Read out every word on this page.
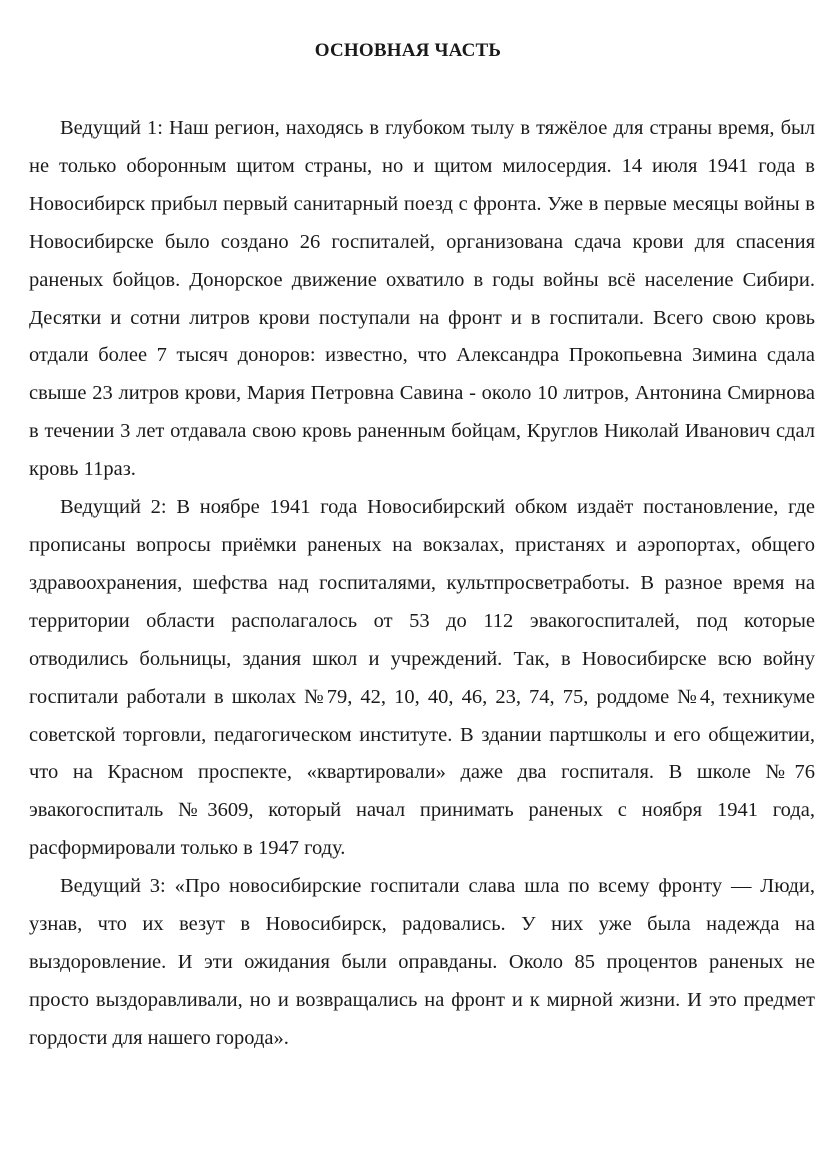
ОСНОВНАЯ ЧАСТЬ

Ведущий 1: Наш регион, находясь в глубоком тылу в тяжёлое для страны время, был не только оборонным щитом страны, но и щитом милосердия. 14 июля 1941 года в Новосибирск прибыл первый санитарный поезд с фронта. Уже в первые месяцы войны в Новосибирске было создано 26 госпиталей, организована сдача крови для спасения раненых бойцов. Донорское движение охватило в годы войны всё население Сибири. Десятки и сотни литров крови поступали на фронт и в госпитали. Всего свою кровь отдали более 7 тысяч доноров: известно, что Александра Прокопьевна Зимина сдала свыше 23 литров крови, Мария Петровна Савина - около 10 литров, Антонина Смирнова в течении 3 лет отдавала свою кровь раненным бойцам, Круглов Николай Иванович сдал кровь 11раз.

Ведущий 2: В ноябре 1941 года Новосибирский обком издаёт постановление, где прописаны вопросы приёмки раненых на вокзалах, пристанях и аэропортах, общего здравоохранения, шефства над госпиталями, культпросветработы. В разное время на территории области располагалось от 53 до 112 эвакогоспиталей, под которые отводились больницы, здания школ и учреждений. Так, в Новосибирске всю войну госпитали работали в школах №79, 42, 10, 40, 46, 23, 74, 75, роддоме №4, техникуме советской торговли, педагогическом институте. В здании партшколы и его общежитии, что на Красном проспекте, «квартировали» даже два госпиталя. В школе №76 эвакогоспиталь №3609, который начал принимать раненых с ноября 1941 года, расформировали только в 1947 году.

Ведущий 3: «Про новосибирские госпитали слава шла по всему фронту — Люди, узнав, что их везут в Новосибирск, радовались. У них уже была надежда на выздоровление. И эти ожидания были оправданы. Около 85 процентов раненых не просто выздоравливали, но и возвращались на фронт и к мирной жизни. И это предмет гордости для нашего города».
